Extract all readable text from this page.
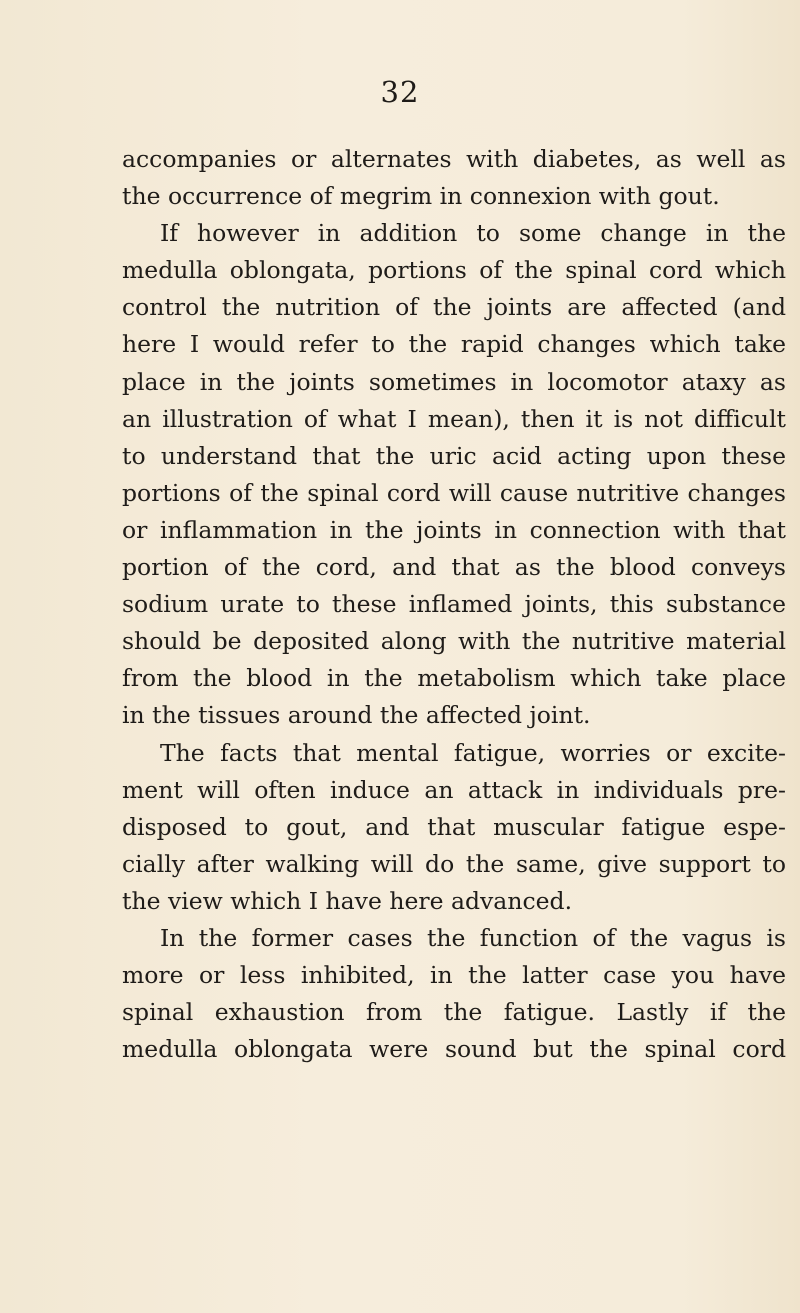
32
accompanies or alternates with diabetes, as well as
the occurrence of megrim in connexion with gout.
If however in addition to some change in the
medulla oblongata, portions of the spinal cord which
control the nutrition of the joints are affected (and
here I would refer to the rapid changes which take
place in the joints sometimes in locomotor ataxy as
an illustration of what I mean), then it is not difficult
to understand that the uric acid acting upon these
portions of the spinal cord will cause nutritive changes
or inflammation in the joints in connection with that
portion of the cord, and that as the blood conveys
sodium urate to these inflamed joints, this substance
should be deposited along with the nutritive material
from the blood in the metabolism which take place
in the tissues around the affected joint.
The facts that mental fatigue, worries or excite-
ment will often induce an attack in individuals pre-
disposed to gout, and that muscular fatigue espe-
cially after walking will do the same, give support to
the view which I have here advanced.
In the former cases the function of the vagus is
more or less inhibited, in the latter case you have
spinal exhaustion from the fatigue. Lastly if the
medulla oblongata were sound but the spinal cord
